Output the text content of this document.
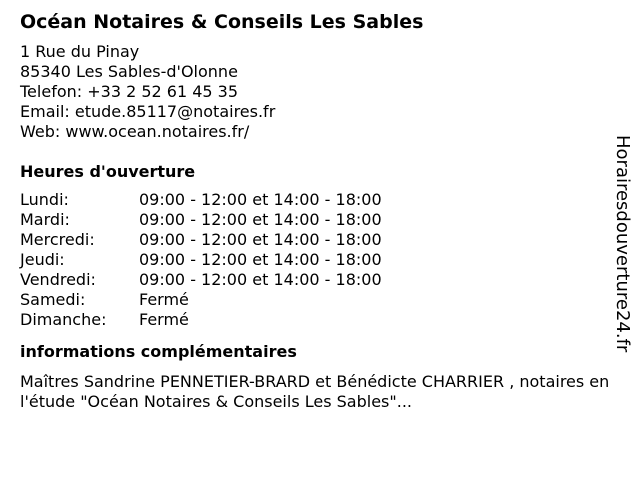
Océan Notaires & Conseils Les Sables
1 Rue du Pinay
85340 Les Sables-d'Olonne
Telefon: +33 2 52 61 45 35
Email: etude.85117@notaires.fr
Web: www.ocean.notaires.fr/
Heures d'ouverture
Lundi:	09:00 - 12:00 et 14:00 - 18:00
Mardi:	09:00 - 12:00 et 14:00 - 18:00
Mercredi:	09:00 - 12:00 et 14:00 - 18:00
Jeudi:	09:00 - 12:00 et 14:00 - 18:00
Vendredi:	09:00 - 12:00 et 14:00 - 18:00
Samedi:	Fermé
Dimanche:	Fermé
informations complémentaires
Maîtres Sandrine PENNETIER-BRARD et Bénédicte CHARRIER , notaires en l'étude "Océan Notaires & Conseils Les Sables"...
Horairesdouverture24.fr
